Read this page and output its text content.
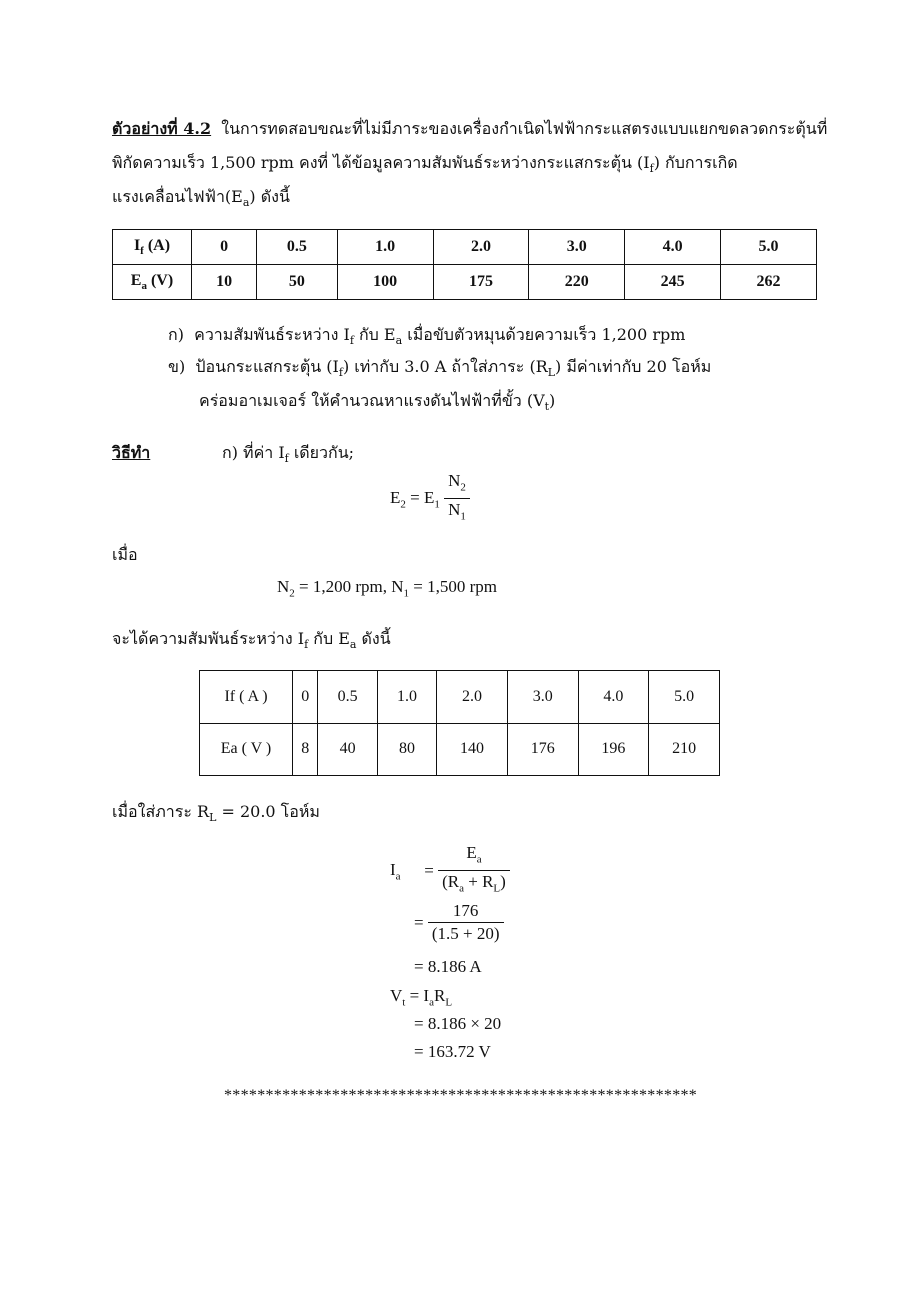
ตัวอย่างที่ 4.2 ในการทดสอบขณะที่ไม่มีภาระของเครื่องกำเนิดไฟฟ้ากระแสตรงแบบแยกขดลวดกระตุ้นที่
พิกัดความเร็ว 1,500 rpm คงที่ ได้ข้อมูลความสัมพันธ์ระหว่างกระแสกระตุ้น $(I_f)$ กับการเกิด
แรงเคลื่อนไฟฟ้า$(E_a)$ ดังนี้
$I_f$ (A)	0	0.5	1.0	2.0	3.0	4.0	5.0
$E_a$ (V)	10	50	100	175	220	245	262
ก) ความสัมพันธ์ระหว่าง $I_f$ กับ $E_a$ เมื่อขับตัวหมุนด้วยความเร็ว 1,200 rpm
ข) ป้อนกระแสกระตุ้น $(I_f)$ เท่ากับ 3.0 A ถ้าใส่ภาระ $(R_L)$ มีค่าเท่ากับ 20 โอห์ม
คร่อมอาเมเจอร์ ให้คำนวณหาแรงดันไฟฟ้าที่ขั้ว $(V_t)$
วิธีทำ	ก) ที่ค่า $I_f$ เดียวกัน;
$E_2 = E_1 \frac{N_2}{N_1}$
เมื่อ
$N_2 = 1,200$ rpm, $N_1 = 1,500$ rpm
จะได้ความสัมพันธ์ระหว่าง $I_f$ กับ $E_a$ ดังนี้
If ( A )	0	0.5	1.0	2.0	3.0	4.0	5.0
Ea ( V )	8	40	80	140	176	196	210
เมื่อใส่ภาระ $R_L = 20.0$ โอห์ม
$I_a = \frac{E_a}{(R_a + R_L)}$
= $\frac{176}{(1.5 + 20)}$
= 8.186 A
$V_t = I_aR_L$
= 8.186 × 20
= 163.72 V
*********************************************************
